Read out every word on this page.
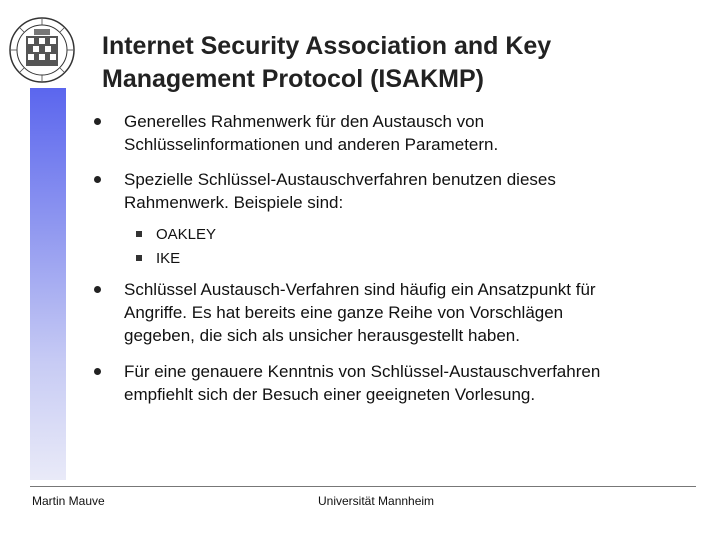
Internet Security Association and Key
Management Protocol (ISAKMP)
Generelles Rahmenwerk für den Austausch von
Schlüsselinformationen und anderen Parametern.
Spezielle Schlüssel-Austauschverfahren benutzen dieses
Rahmenwerk. Beispiele sind:
Schlüssel Austausch-Verfahren sind häufig ein Ansatzpunkt für
Angriffe. Es hat bereits eine ganze Reihe von Vorschlägen
gegeben, die sich als unsicher herausgestellt haben.
Für eine genauere Kenntnis von Schlüssel-Austauschverfahren
empfiehlt sich der Besuch einer geeigneten Vorlesung.
OAKLEY
IKE
Martin Mauve	Universität Mannheim
